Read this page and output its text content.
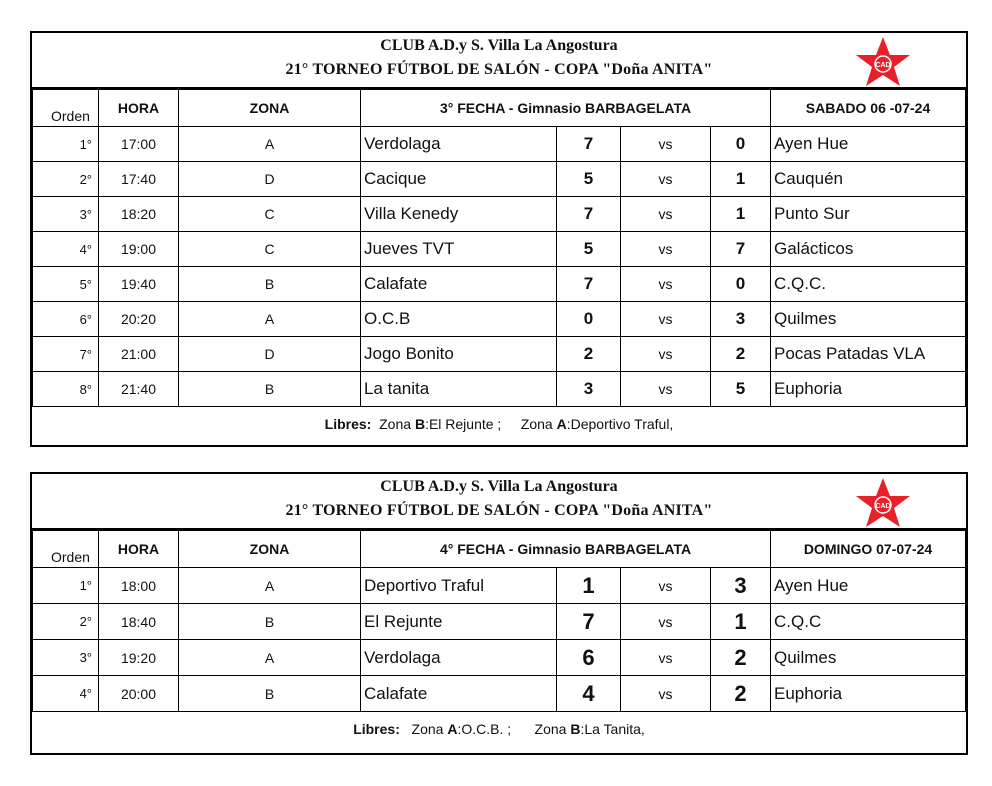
CLUB A.D.y S. Villa La Angostura
21° TORNEO FÚTBOL DE SALÓN - COPA "Doña ANITA"	CAD
Orden	HORA	ZONA	3° FECHA - Gimnasio BARBAGELATA				SABADO 06 -07-24
1°	17:00	A	Verdolaga	7	vs	0	Ayen Hue
2°	17:40	D	Cacique	5	vs	1	Cauquén
3°	18:20	C	Villa Kenedy	7	vs	1	Punto Sur
4°	19:00	C	Jueves TVT	5	vs	7	Galácticos
5°	19:40	B	Calafate	7	vs	0	C.Q.C.
6°	20:20	A	O.C.B	0	vs	3	Quilmes
7°	21:00	D	Jogo Bonito	2	vs	2	Pocas Patadas VLA
8°	21:40	B	La tanita	3	vs	5	Euphoria
Libres: Zona B:El Rejunte ; Zona A:Deportivo Traful,
CLUB A.D.y S. Villa La Angostura
21° TORNEO FÚTBOL DE SALÓN - COPA "Doña ANITA"	CAD
Orden	HORA	ZONA	4° FECHA - Gimnasio BARBAGELATA				DOMINGO 07-07-24
1°	18:00	A	Deportivo Traful	1	vs	3	Ayen Hue
2°	18:40	B	El Rejunte	7	vs	1	C.Q.C
3°	19:20	A	Verdolaga	6	vs	2	Quilmes
4°	20:00	B	Calafate	4	vs	2	Euphoria
Libres: Zona A:O.C.B. ; Zona B:La Tanita,
